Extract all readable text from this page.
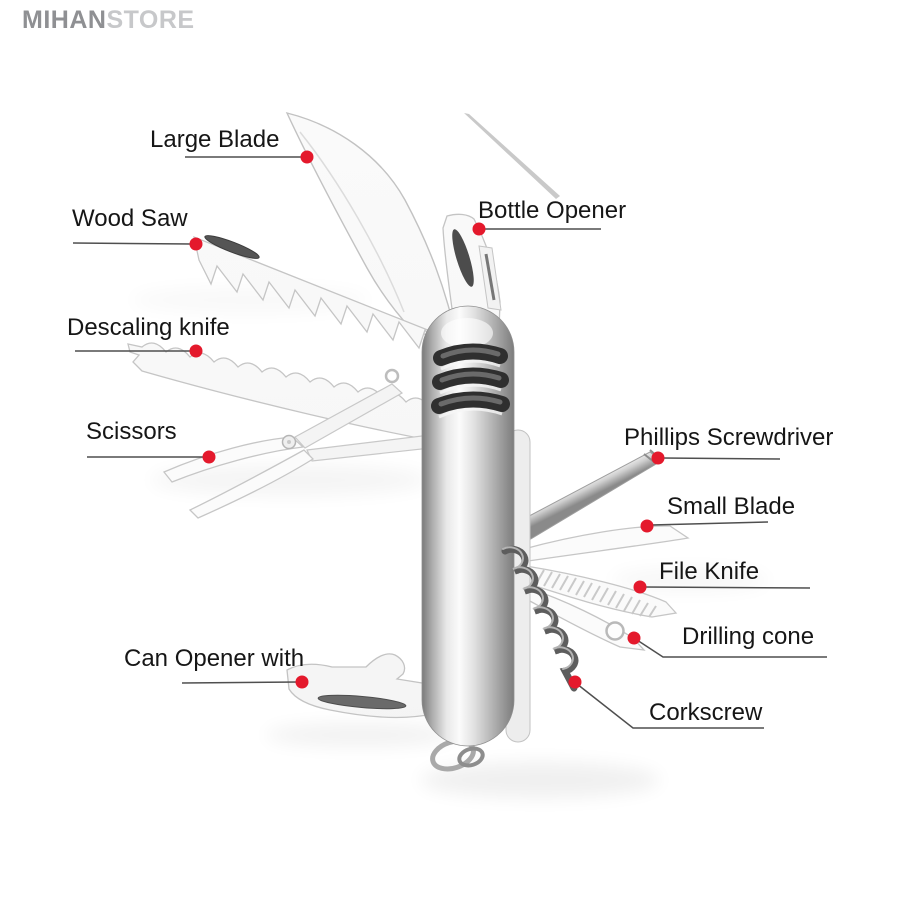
MIHANSTORE
Large Blade
Wood Saw
Descaling knife
Scissors
Can Opener with
Bottle Opener
Phillips Screwdriver
Small Blade
File Knife
Drilling cone
Corkscrew
